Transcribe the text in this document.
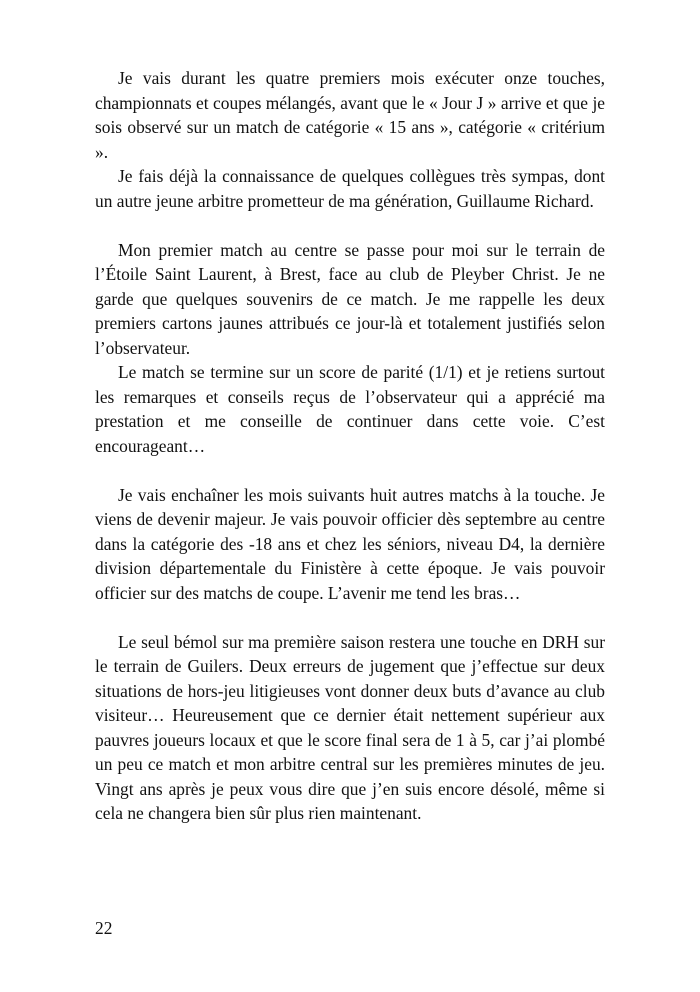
Je vais durant les quatre premiers mois exécuter onze touches, championnats et coupes mélangés, avant que le « Jour J » arrive et que je sois observé sur un match de catégorie « 15 ans », catégorie « critérium ».

Je fais déjà la connaissance de quelques collègues très sympas, dont un autre jeune arbitre prometteur de ma génération, Guillaume Richard.

Mon premier match au centre se passe pour moi sur le terrain de l’Étoile Saint Laurent, à Brest, face au club de Pleyber Christ. Je ne garde que quelques souvenirs de ce match. Je me rappelle les deux premiers cartons jaunes attribués ce jour-là et totalement justifiés selon l’observateur.

Le match se termine sur un score de parité (1/1) et je retiens surtout les remarques et conseils reçus de l’observateur qui a apprécié ma prestation et me conseille de continuer dans cette voie. C’est encourageant…

Je vais enchaîner les mois suivants huit autres matchs à la touche. Je viens de devenir majeur. Je vais pouvoir officier dès septembre au centre dans la catégorie des -18 ans et chez les séniors, niveau D4, la dernière division départementale du Finistère à cette époque. Je vais pouvoir officier sur des matchs de coupe. L’avenir me tend les bras…

Le seul bémol sur ma première saison restera une touche en DRH sur le terrain de Guilers. Deux erreurs de jugement que j’effectue sur deux situations de hors-jeu litigieuses vont donner deux buts d’avance au club visiteur… Heureusement que ce dernier était nettement supérieur aux pauvres joueurs locaux et que le score final sera de 1 à 5, car j’ai plombé un peu ce match et mon arbitre central sur les premières minutes de jeu. Vingt ans après je peux vous dire que j’en suis encore désolé, même si cela ne changera bien sûr plus rien maintenant.

22
